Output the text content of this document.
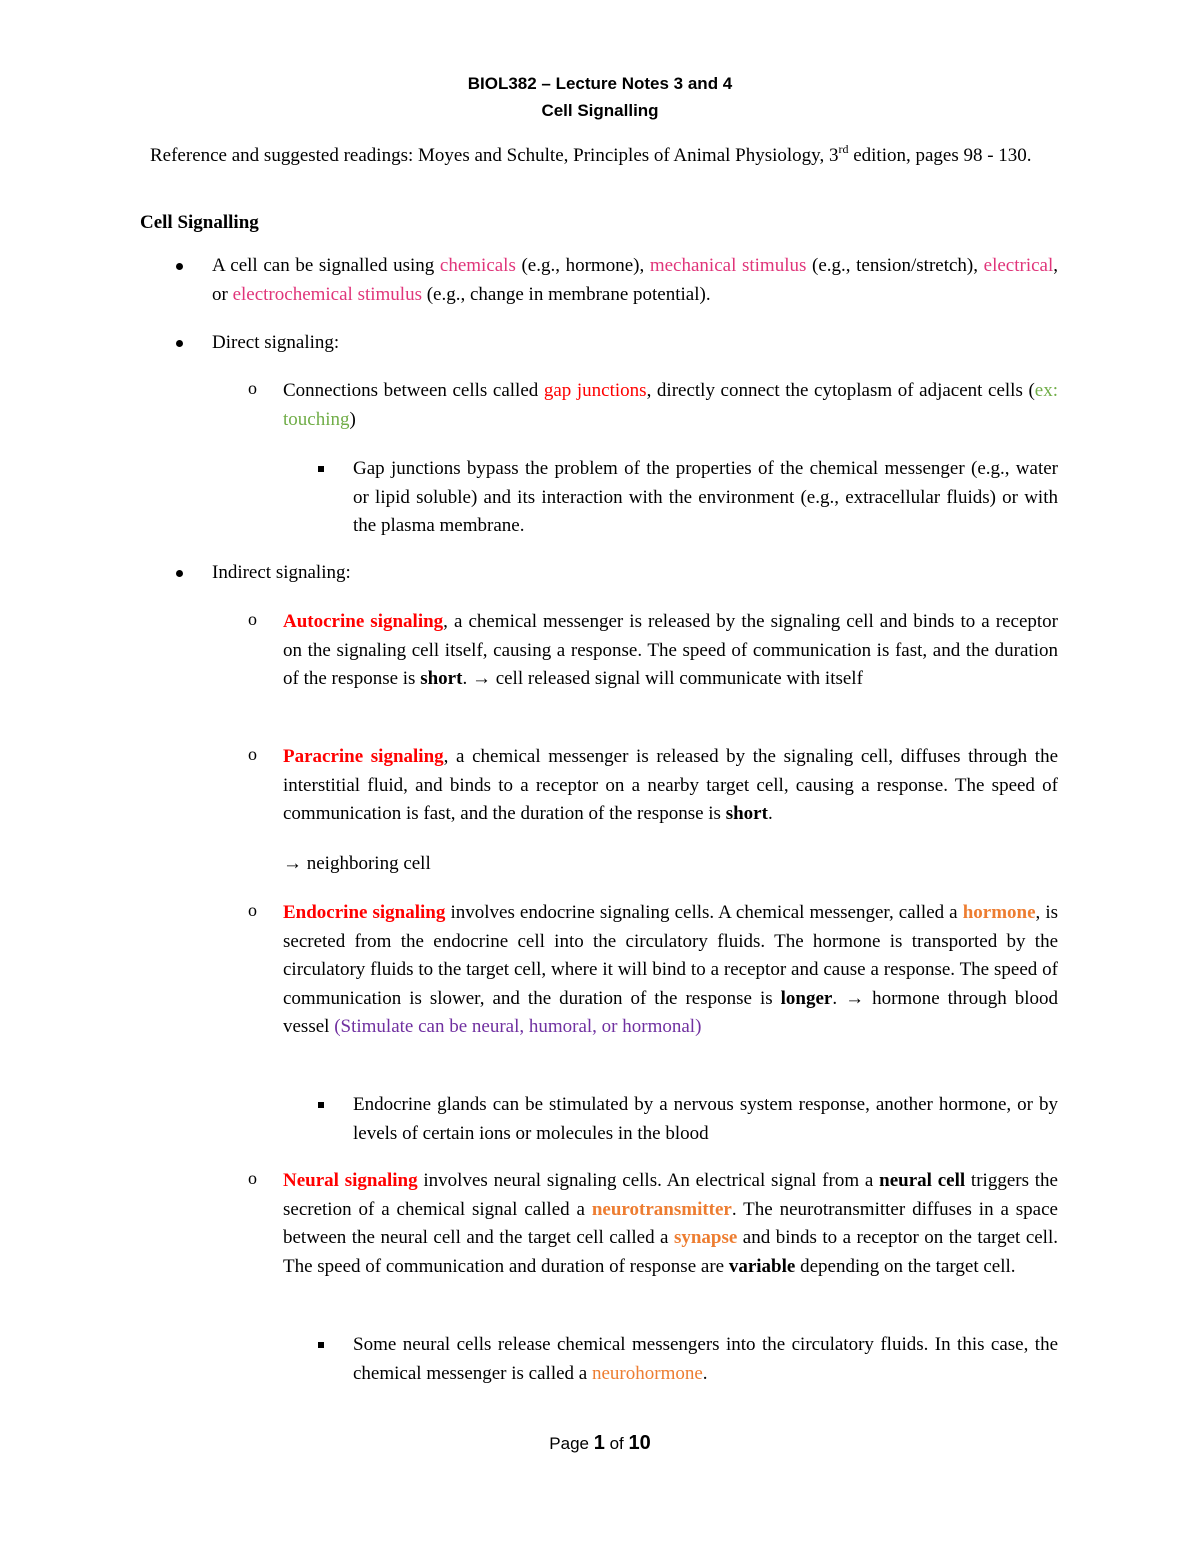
BIOL382 – Lecture Notes 3 and 4
Cell Signalling
Reference and suggested readings: Moyes and Schulte, Principles of Animal Physiology, 3rd edition, pages 98 - 130.
Cell Signalling
A cell can be signalled using chemicals (e.g., hormone), mechanical stimulus (e.g., tension/stretch), electrical, or electrochemical stimulus (e.g., change in membrane potential).
Direct signaling:
o Connections between cells called gap junctions, directly connect the cytoplasm of adjacent cells (ex: touching)
Gap junctions bypass the problem of the properties of the chemical messenger (e.g., water or lipid soluble) and its interaction with the environment (e.g., extracellular fluids) or with the plasma membrane.
Indirect signaling:
o Autocrine signaling, a chemical messenger is released by the signaling cell and binds to a receptor on the signaling cell itself, causing a response. The speed of communication is fast, and the duration of the response is short. → cell released signal will communicate with itself
o Paracrine signaling, a chemical messenger is released by the signaling cell, diffuses through the interstitial fluid, and binds to a receptor on a nearby target cell, causing a response. The speed of communication is fast, and the duration of the response is short.
→ neighboring cell
o Endocrine signaling involves endocrine signaling cells. A chemical messenger, called a hormone, is secreted from the endocrine cell into the circulatory fluids. The hormone is transported by the circulatory fluids to the target cell, where it will bind to a receptor and cause a response. The speed of communication is slower, and the duration of the response is longer. → hormone through blood vessel (Stimulate can be neural, humoral, or hormonal)
Endocrine glands can be stimulated by a nervous system response, another hormone, or by levels of certain ions or molecules in the blood
o Neural signaling involves neural signaling cells. An electrical signal from a neural cell triggers the secretion of a chemical signal called a neurotransmitter. The neurotransmitter diffuses in a space between the neural cell and the target cell called a synapse and binds to a receptor on the target cell. The speed of communication and duration of response are variable depending on the target cell.
Some neural cells release chemical messengers into the circulatory fluids. In this case, the chemical messenger is called a neurohormone.
Page 1 of 10
